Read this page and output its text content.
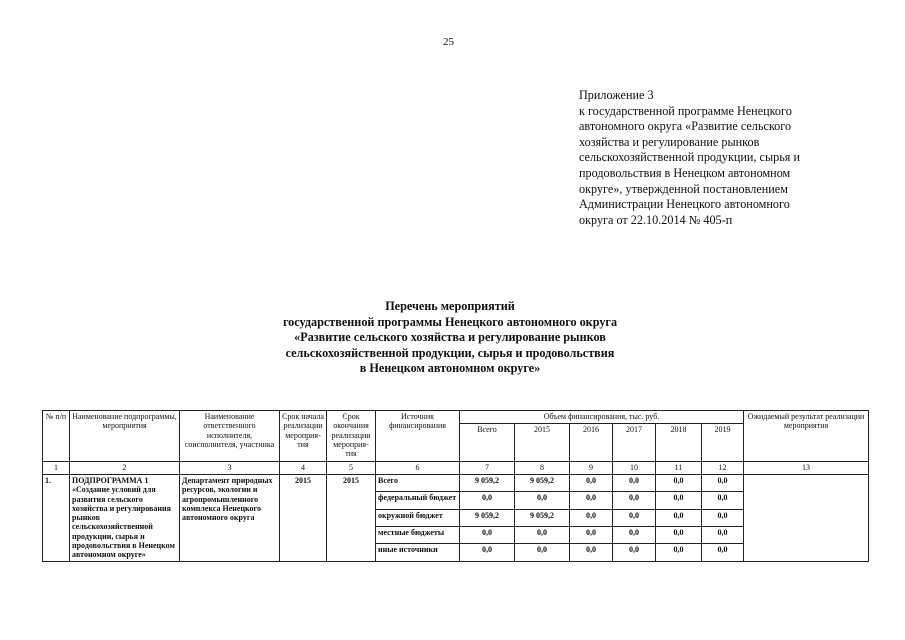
25
Приложение 3
к государственной программе Ненецкого
автономного округа «Развитие сельского
хозяйства и регулирование рынков
сельскохозяйственной продукции, сырья и
продовольствия в Ненецком автономном
округе», утвержденной постановлением
Администрации Ненецкого автономного
округа от 22.10.2014 № 405-п
Перечень мероприятий
государственной программы Ненецкого автономного округа
«Развитие сельского хозяйства и регулирование рынков
сельскохозяйственной продукции, сырья и продовольствия
в Ненецком автономном округе»
№ п/п	Наименование подпрограммы, мероприятия	Наименование ответственного исполнителя, соисполнителя, участника	Срок начала реализации мероприя-тия	Срок окончания реализации мероприя-тия	Источник финансирования	Объем финансирования, тыс. руб.						Ожидаемый результат реализации мероприятия
						Всего	2015	2016	2017	2018	2019	
1	2	3	4	5	6	7	8	9	10	11	12	13
1.	ПОДПРОГРАММА 1 «Создание условий для развития сельского хозяйства и регулирования рынков сельскохозяйственной продукции, сырья и продовольствия в Ненецком автономном округе»	Департамент природных ресурсов, экологии и агропромышленного комплекса Ненецкого автономного округа	2015	2015	Всего	9 059,2	9 059,2	0,0	0,0	0,0	0,0	
					федеральный бюджет	0,0	0,0	0,0	0,0	0,0	0,0	
					окружной бюджет	9 059,2	9 059,2	0,0	0,0	0,0	0,0	
					местные бюджеты	0,0	0,0	0,0	0,0	0,0	0,0	
					иные источники	0,0	0,0	0,0	0,0	0,0	0,0	
